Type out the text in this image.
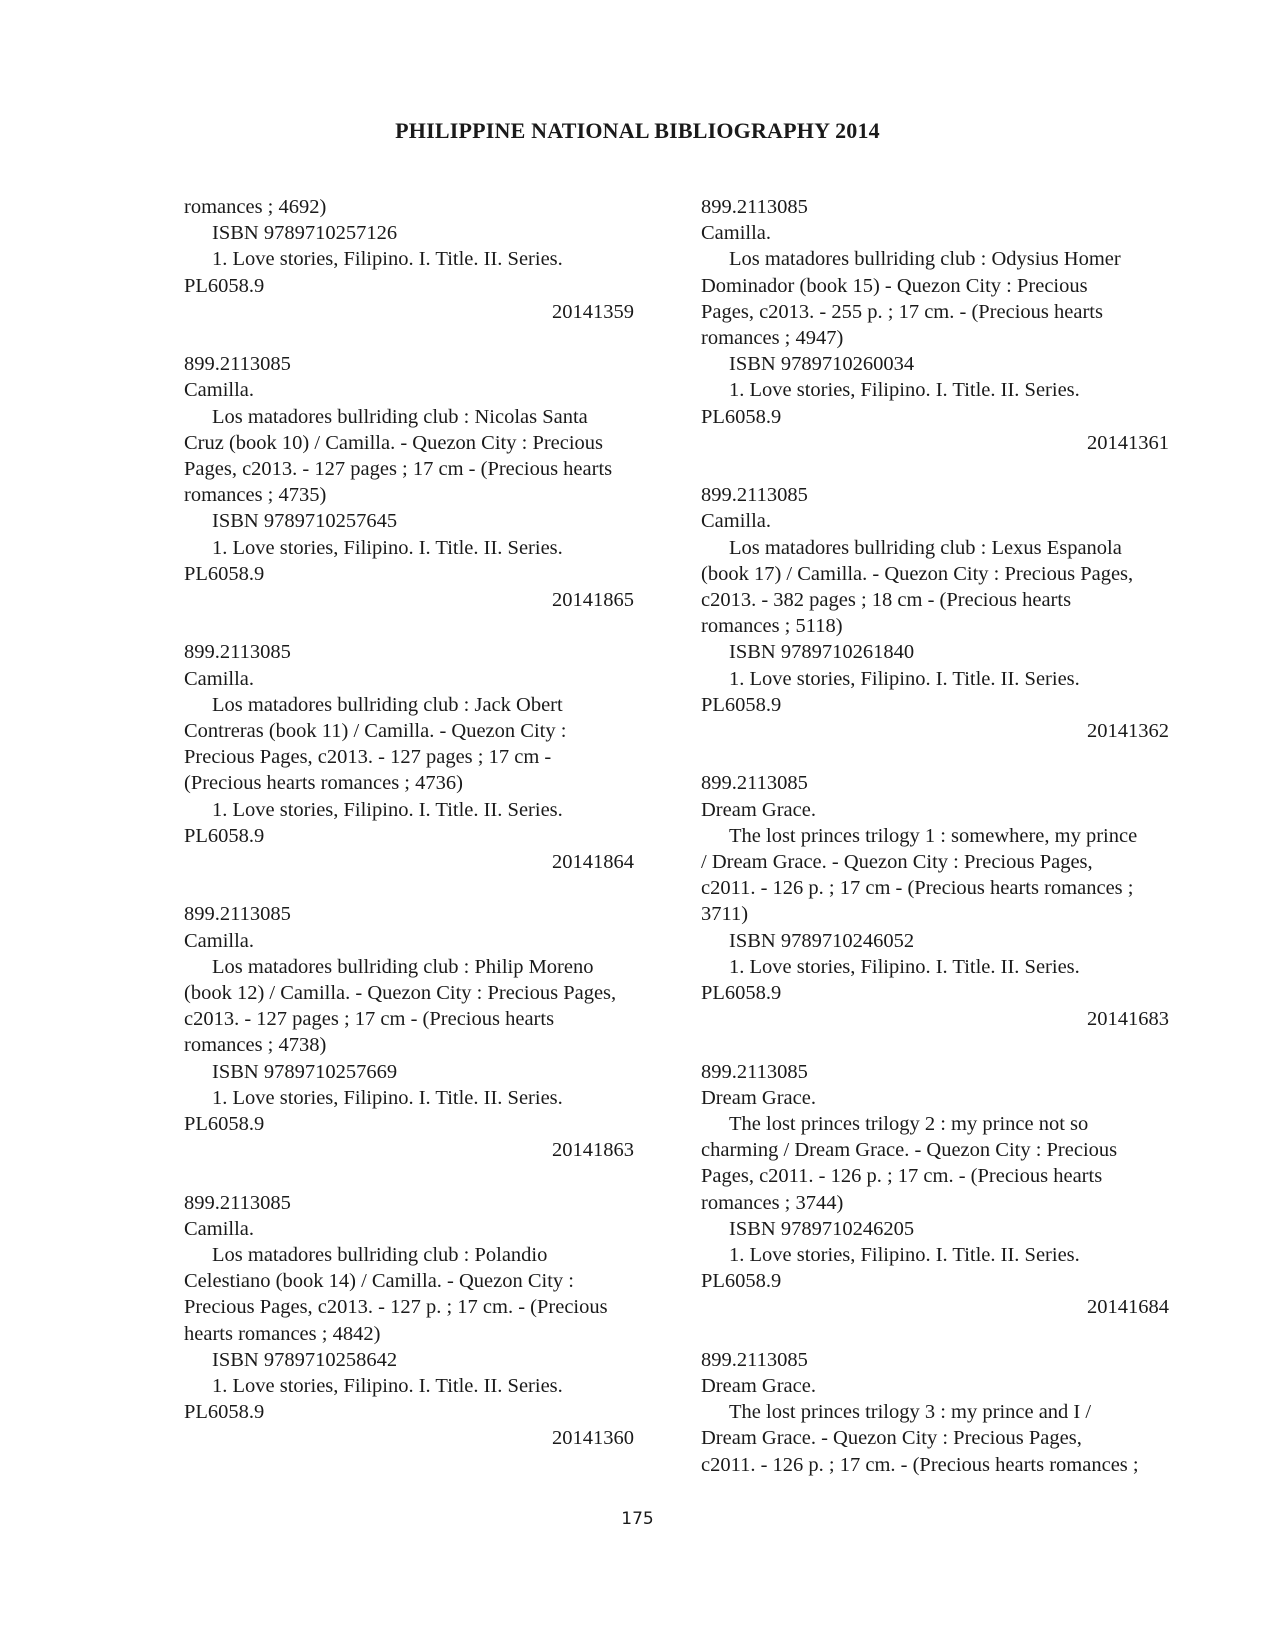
PHILIPPINE NATIONAL BIBLIOGRAPHY 2014
romances ; 4692)
ISBN 9789710257126
1. Love stories, Filipino. I. Title. II. Series.
PL6058.9
20141359
899.2113085
Camilla.
Los matadores bullriding club : Nicolas Santa
Cruz (book 10) / Camilla. - Quezon City : Precious
Pages, c2013. - 127 pages ; 17 cm - (Precious hearts
romances ; 4735)
ISBN 9789710257645
1. Love stories, Filipino. I. Title. II. Series.
PL6058.9
20141865
899.2113085
Camilla.
Los matadores bullriding club : Jack Obert
Contreras (book 11) / Camilla. - Quezon City :
Precious Pages, c2013. - 127 pages ; 17 cm -
(Precious hearts romances ; 4736)
1. Love stories, Filipino. I. Title. II. Series.
PL6058.9
20141864
899.2113085
Camilla.
Los matadores bullriding club : Philip Moreno
(book 12) / Camilla. - Quezon City : Precious Pages,
c2013. - 127 pages ; 17 cm - (Precious hearts
romances ; 4738)
ISBN 9789710257669
1. Love stories, Filipino. I. Title. II. Series.
PL6058.9
20141863
899.2113085
Camilla.
Los matadores bullriding club : Polandio
Celestiano (book 14) / Camilla. - Quezon City :
Precious Pages, c2013. - 127 p. ; 17 cm. - (Precious
hearts romances ; 4842)
ISBN 9789710258642
1. Love stories, Filipino. I. Title. II. Series.
PL6058.9
20141360
899.2113085
Camilla.
Los matadores bullriding club : Odysius Homer
Dominador (book 15) - Quezon City : Precious
Pages, c2013. - 255 p. ; 17 cm. - (Precious hearts
romances ; 4947)
ISBN 9789710260034
1. Love stories, Filipino. I. Title. II. Series.
PL6058.9
20141361
899.2113085
Camilla.
Los matadores bullriding club : Lexus Espanola
(book 17) / Camilla. - Quezon City : Precious Pages,
c2013. - 382 pages ; 18 cm - (Precious hearts
romances ; 5118)
ISBN 9789710261840
1. Love stories, Filipino. I. Title. II. Series.
PL6058.9
20141362
899.2113085
Dream Grace.
The lost princes trilogy 1 : somewhere, my prince
/ Dream Grace. - Quezon City : Precious Pages,
c2011. - 126 p. ; 17 cm - (Precious hearts romances ;
3711)
ISBN 9789710246052
1. Love stories, Filipino. I. Title. II. Series.
PL6058.9
20141683
899.2113085
Dream Grace.
The lost princes trilogy 2 : my prince not so
charming / Dream Grace. - Quezon City : Precious
Pages, c2011. - 126 p. ; 17 cm. - (Precious hearts
romances ; 3744)
ISBN 9789710246205
1. Love stories, Filipino. I. Title. II. Series.
PL6058.9
20141684
899.2113085
Dream Grace.
The lost princes trilogy 3 : my prince and I /
Dream Grace. - Quezon City : Precious Pages,
c2011. - 126 p. ; 17 cm. - (Precious hearts romances ;
175
